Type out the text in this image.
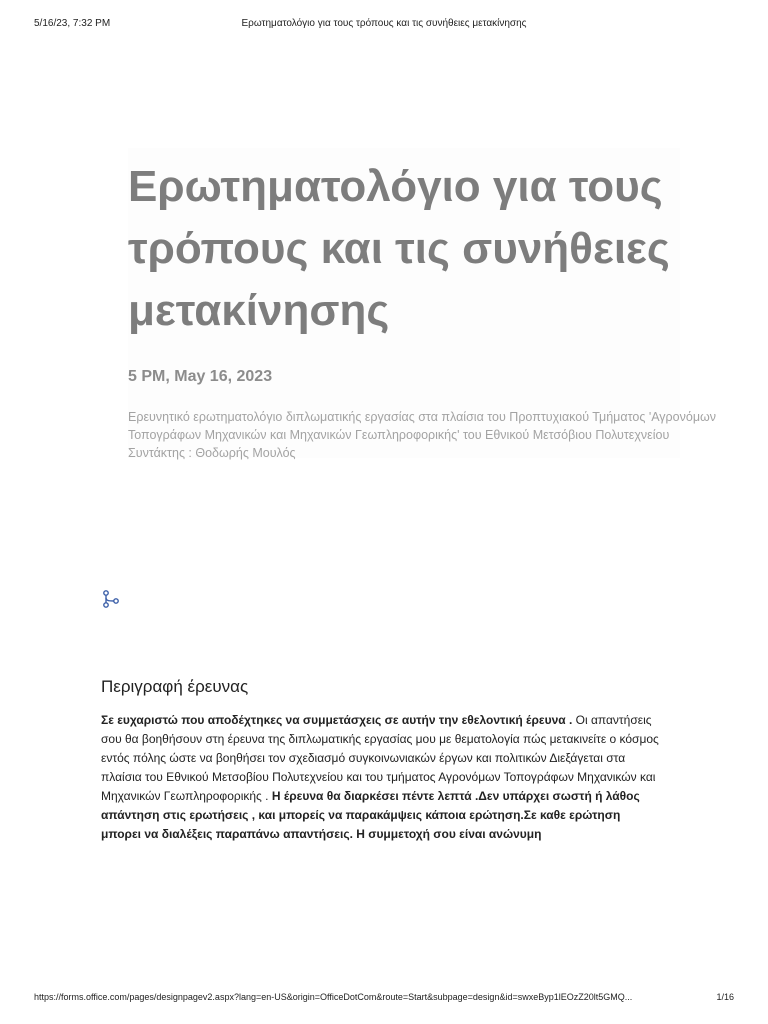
5/16/23, 7:32 PM	Ερωτηματολόγιο για τους τρόπους και τις συνήθειες μετακίνησης
Ερωτηματολόγιο για τους τρόπους και τις συνήθειες μετακίνησης
5 PM, May 16, 2023
Ερευνητικό ερωτηματολόγιο διπλωματικής εργασίας στα πλαίσια του Προπτυχιακού Τμήματος 'Αγρονόμων Τοπογράφων Μηχανικών και Μηχανικών Γεωπληροφορικής' του Εθνικού Μετσόβιου Πολυτεχνείου Συντάκτης : Θοδωρής Μουλός
Περιγραφή έρευνας
Σε ευχαριστώ που αποδέχτηκες να συμμετάσχεις σε αυτήν την εθελοντική έρευνα . Οι απαντήσεις σου θα βοηθήσουν στη έρευνα της διπλωματικής εργασίας μου με θεματολογία πώς μετακινείτε ο κόσμος εντός πόλης ώστε να βοηθήσει τον σχεδιασμό συγκοινωνιακών έργων και πολιτικών Διεξάγεται στα πλαίσια του Εθνικού Μετσοβίου Πολυτεχνείου και του τμήματος Αγρονόμων Τοπογράφων Μηχανικών και Μηχανικών Γεωπληροφορικής . Η έρευνα θα διαρκέσει πέντε λεπτά .Δεν υπάρχει σωστή ή λάθος απάντηση στις ερωτήσεις , και μπορείς να παρακάμψεις κάποια ερώτηση.Σε καθε ερώτηση μπορει να διαλέξεις παραπάνω απαντήσεις. Η συμμετοχή σου είναι ανώνυμη
https://forms.office.com/pages/designpagev2.aspx?lang=en-US&origin=OfficeDotCom&route=Start&subpage=design&id=swxeByp1lEOzZ20lt5GMQ...	1/16
